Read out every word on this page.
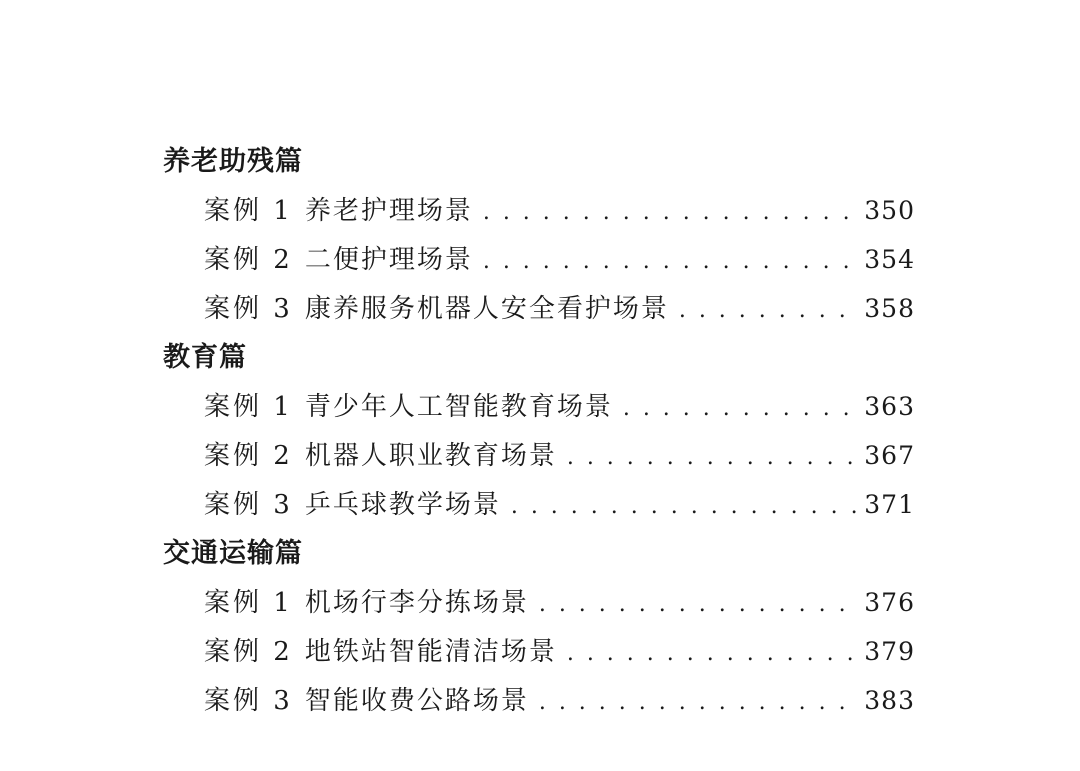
养老助残篇
案例 1 养老护理场景 . . .	350
案例 2 二便护理场景 . . .	354
案例 3 康养服务机器人安全看护场景 . . .	358
教育篇
案例 1 青少年人工智能教育场景 . . .	363
案例 2 机器人职业教育场景 . . .	367
案例 3 乒乓球教学场景 . . .	371
交通运输篇
案例 1 机场行李分拣场景 . . .	376
案例 2 地铁站智能清洁场景 . . .	379
案例 3 智能收费公路场景 . . .	383
